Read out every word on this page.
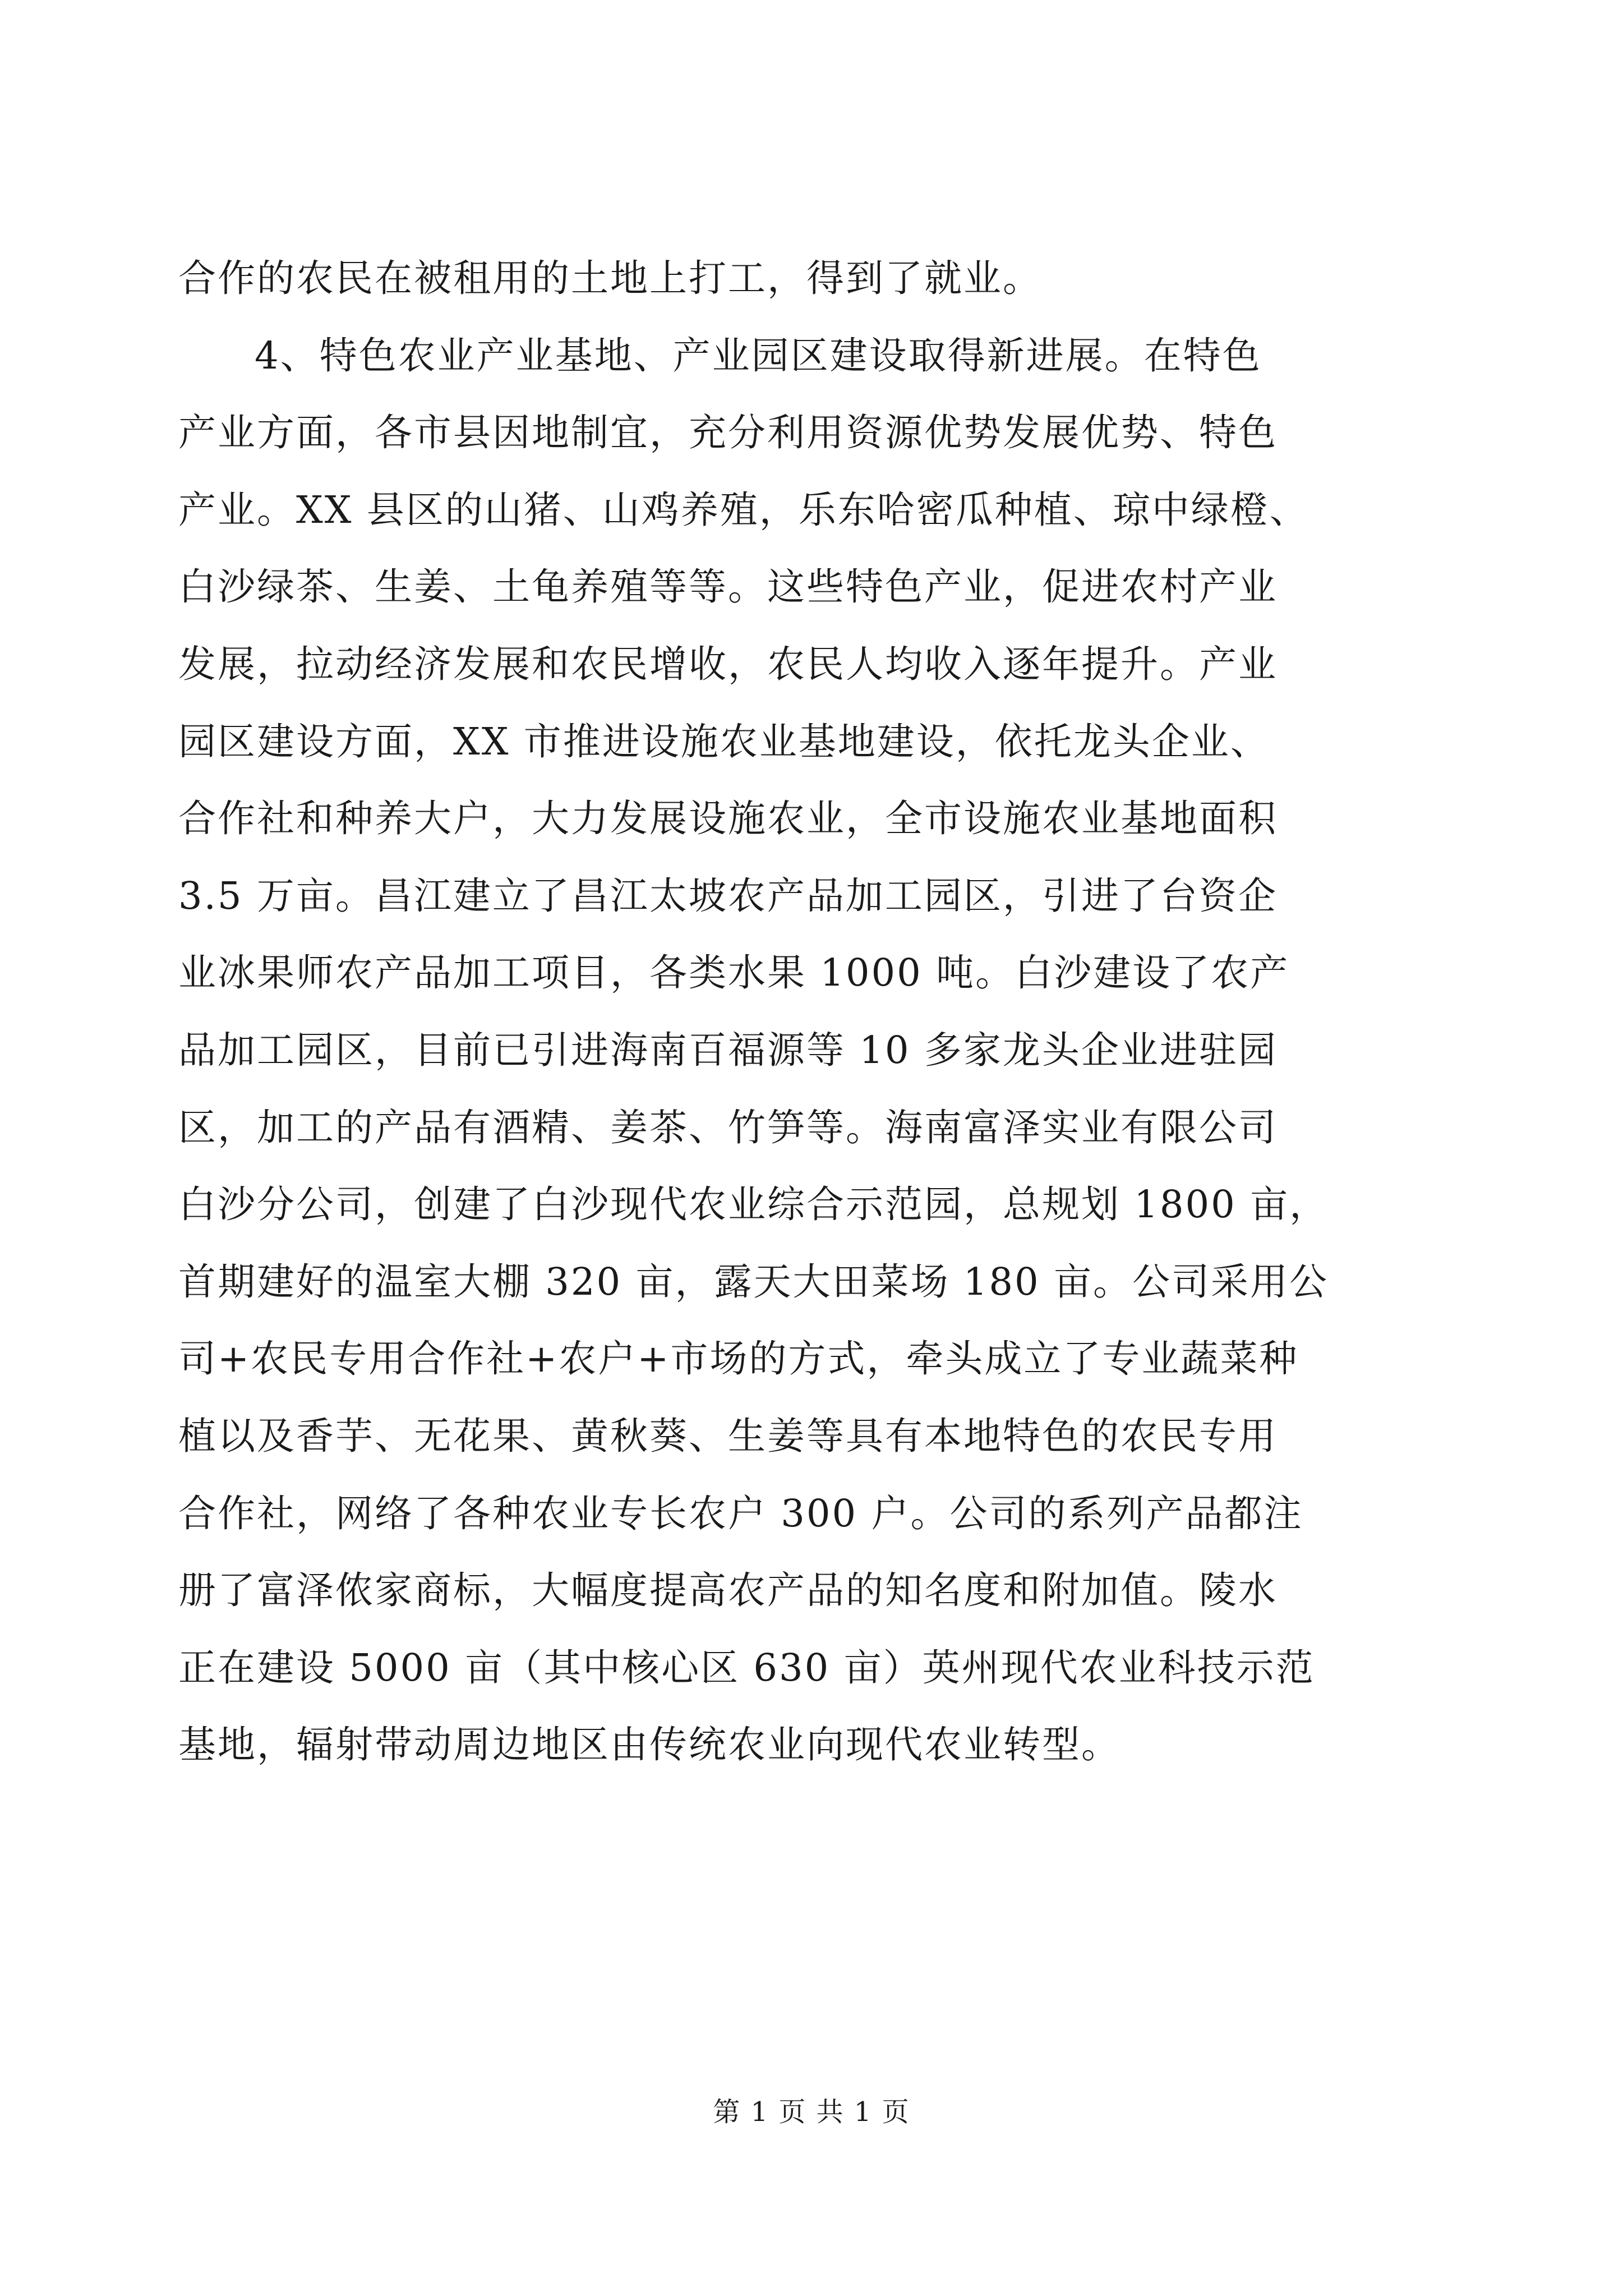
合作的农民在被租用的土地上打工，得到了就业。
4、特色农业产业基地、产业园区建设取得新进展。在特色
产业方面，各市县因地制宜，充分利用资源优势发展优势、特色
产业。XX 县区的山猪、山鸡养殖，乐东哈密瓜种植、琼中绿橙、
白沙绿茶、生姜、土龟养殖等等。这些特色产业，促进农村产业
发展，拉动经济发展和农民增收，农民人均收入逐年提升。产业
园区建设方面，XX 市推进设施农业基地建设，依托龙头企业、
合作社和种养大户，大力发展设施农业，全市设施农业基地面积
3.5 万亩。昌江建立了昌江太坡农产品加工园区，引进了台资企
业冰果师农产品加工项目，各类水果 1000 吨。白沙建设了农产
品加工园区，目前已引进海南百福源等 10 多家龙头企业进驻园
区，加工的产品有酒精、姜茶、竹笋等。海南富泽实业有限公司
白沙分公司，创建了白沙现代农业综合示范园，总规划 1800 亩，
首期建好的温室大棚 320 亩，露天大田菜场 180 亩。公司采用公
司+农民专用合作社+农户+市场的方式，牵头成立了专业蔬菜种
植以及香芋、无花果、黄秋葵、生姜等具有本地特色的农民专用
合作社，网络了各种农业专长农户 300 户。公司的系列产品都注
册了富泽侬家商标，大幅度提高农产品的知名度和附加值。陵水
正在建设 5000 亩（其中核心区 630 亩）英州现代农业科技示范
基地，辐射带动周边地区由传统农业向现代农业转型。
第 1 页 共 1 页
